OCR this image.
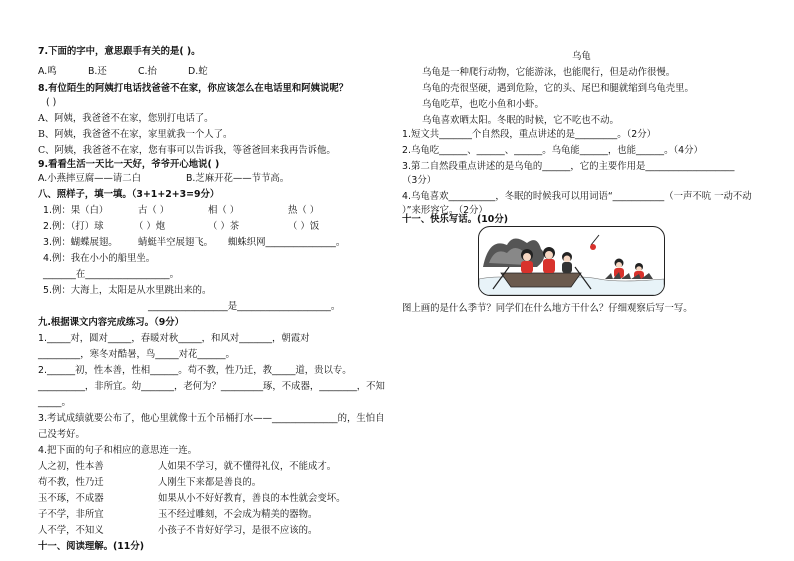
7.下面的字中，意思跟手有关的是( )。
A.鸣	B.还	C.抬	D.蛇
8.有位陌生的阿姨打电话找爸爸不在家，你应该怎么在电话里和阿姨说呢？
( )
A、阿姨，我爸爸不在家，您别打电话了。
B、阿姨，我爸爸不在家，家里就我一个人了。
C、阿姨，我爸爸不在家，您有事可以告诉我，等爸爸回来我再告诉他。
9.看看生活一天比一天好，爷爷开心地说( )
A.小燕摔豆腐——请二白	B.芝麻开花——节节高。
八、照样子，填一填。（3+1+2+3=9分）
1.例：果（白）	古（ ）	相（ ）	热（ ）
2.例：（打）球	（ ）炮	（ ）茶	（ ）饭
3.例：蝴蝶展翅。 蜻蜓半空展翅飞。 蜘蛛织网_______________。
4.例：我在小小的船里坐。
_______在__________________。
5.例：大海上，太阳是从水里跳出来的。
_________________是____________________。
九.根据课文内容完成练习。（9分）
1._____对，圆对_____，春暖对秋_____，和风对_______，朝霞对
_________，寒冬对酷暑，鸟_____对花______。
2.______初，性本善，性相______。苟不教，性乃迁，教_____道，贵以专。
__________，非所宜。幼_______，老何为？_________琢，不成器，________，不知
_____。
3.考试成绩就要公布了，他心里就像十五个吊桶打水——______________的，生怕自
己没考好。
4.把下面的句子和相应的意思连一连。
人之初，性本善	人如果不学习，就不懂得礼仪，不能成才。
苟不教，性乃迁	人刚生下来都是善良的。
玉不琢，不成器	如果从小不好好教育，善良的本性就会变坏。
子不学，非所宜	玉不经过雕刻，不会成为精美的器物。
人不学，不知义	小孩子不肯好好学习，是很不应该的。
十一、阅读理解。(11分)
乌龟
乌龟是一种爬行动物，它能游泳，也能爬行，但是动作很慢。
乌龟的壳很坚硬，遇到危险，它的头、尾巴和腿就缩到乌龟壳里。
乌龟吃草，也吃小鱼和小虾。
乌龟喜欢晒太阳。冬眠的时候，它不吃也不动。
1.短文共_______个自然段，重点讲述的是_________。（2分）
2.乌龟吃______、______、______。乌龟能______，也能______。（4分）
3.第二自然段重点讲述的是乌龟的______，它的主要作用是___________________
（3分）
4.乌龟喜欢__________，冬眠的时候我可以用词语“___________（一声不吭 一动不动
）”来形容它。（2分）
十一、快乐写话。(10分)
图上画的是什么季节？同学们在什么地方干什么？仔细观察后写一写。
